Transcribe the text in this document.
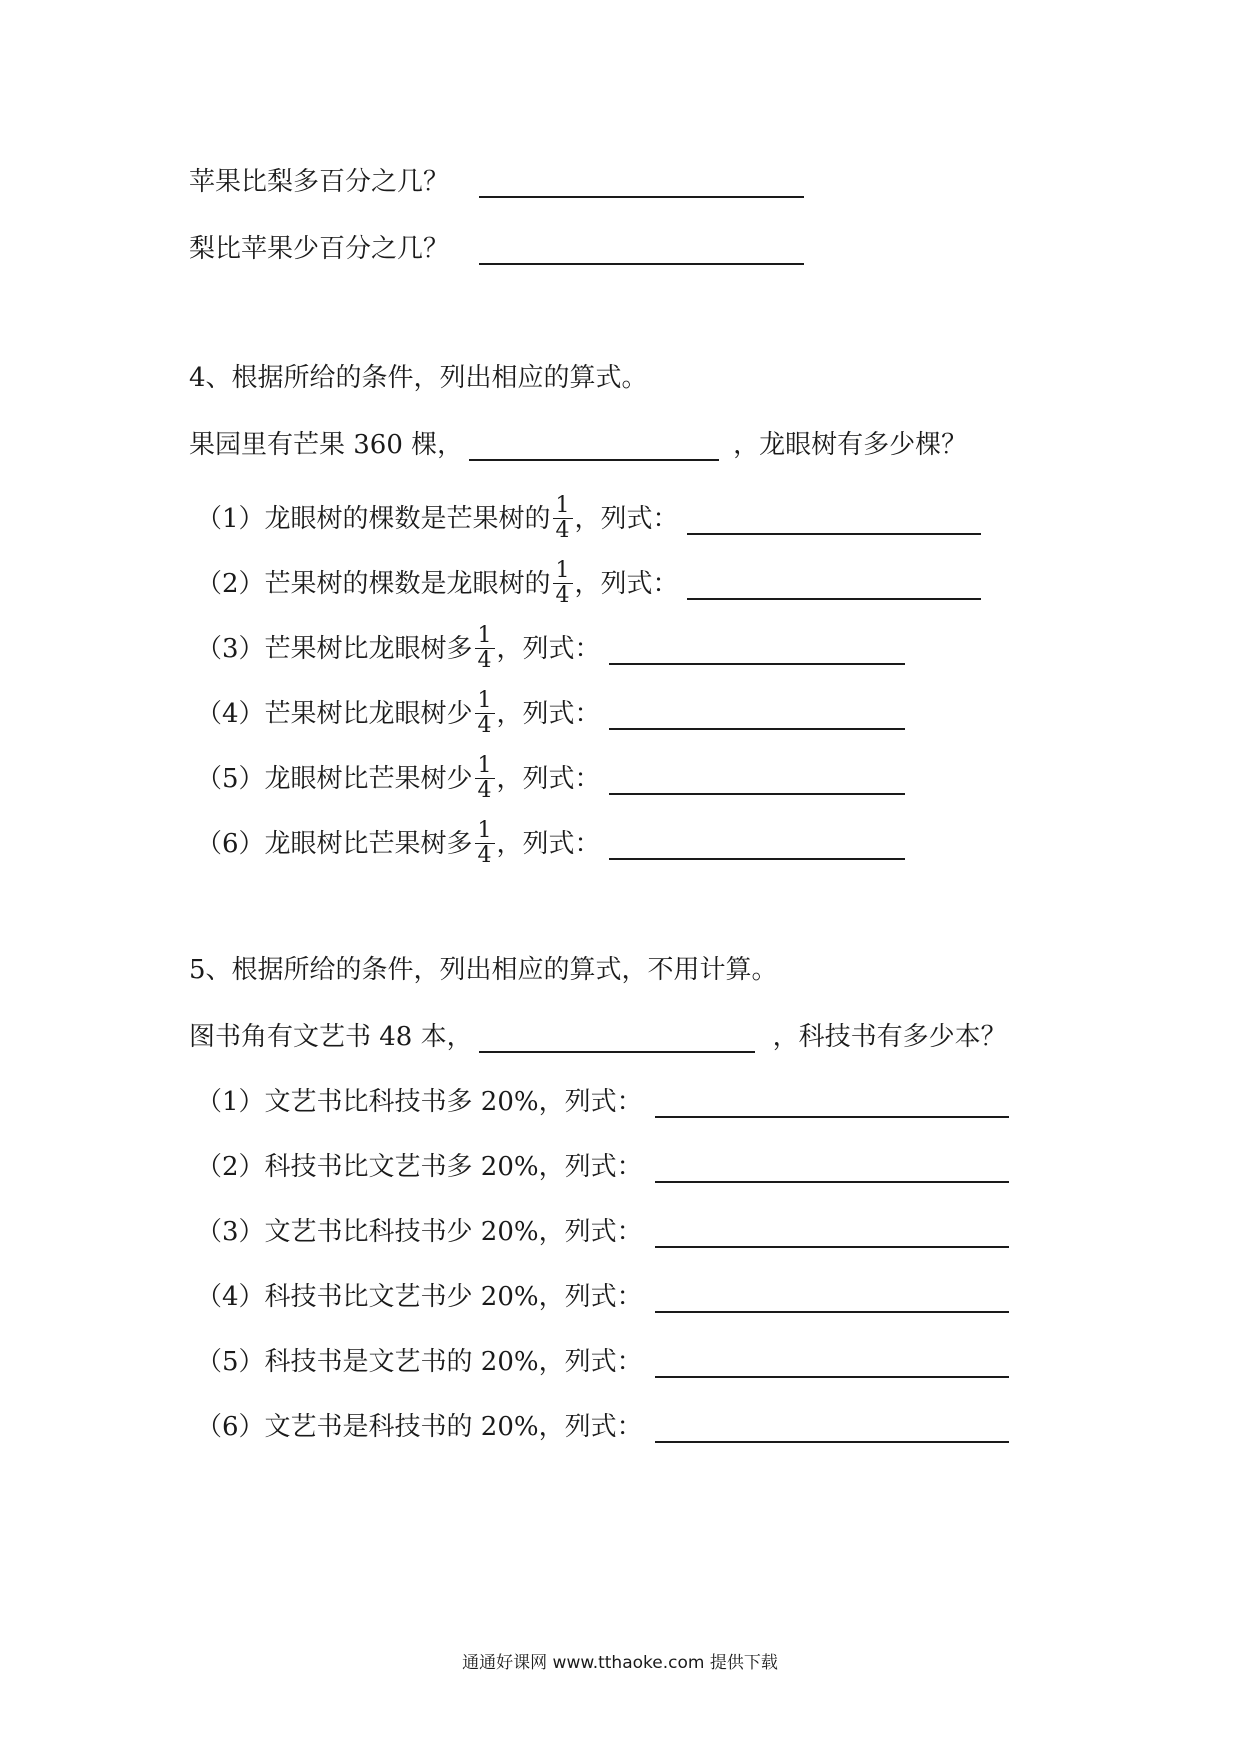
苹果比梨多百分之几？
梨比苹果少百分之几？
4、根据所给的条件，列出相应的算式。
果园里有芒果 360 棵，	，龙眼树有多少棵？
（1）龙眼树的棵数是芒果树的 $\frac{1}{4}$ ，列式：
（2）芒果树的棵数是龙眼树的 $\frac{1}{4}$ ，列式：
（3）芒果树比龙眼树多 $\frac{1}{4}$ ，列式：
（4）芒果树比龙眼树少 $\frac{1}{4}$ ，列式：
（5）龙眼树比芒果树少 $\frac{1}{4}$ ，列式：
（6）龙眼树比芒果树多 $\frac{1}{4}$ ，列式：
5、根据所给的条件，列出相应的算式，不用计算。
图书角有文艺书 48 本，	，科技书有多少本？
（1）文艺书比科技书多 20%，列式：
（2）科技书比文艺书多 20%，列式：
（3）文艺书比科技书少 20%，列式：
（4）科技书比文艺书少 20%，列式：
（5）科技书是文艺书的 20%，列式：
（6）文艺书是科技书的 20%，列式：
通通好课网 www.tthaoke.com 提供下载
